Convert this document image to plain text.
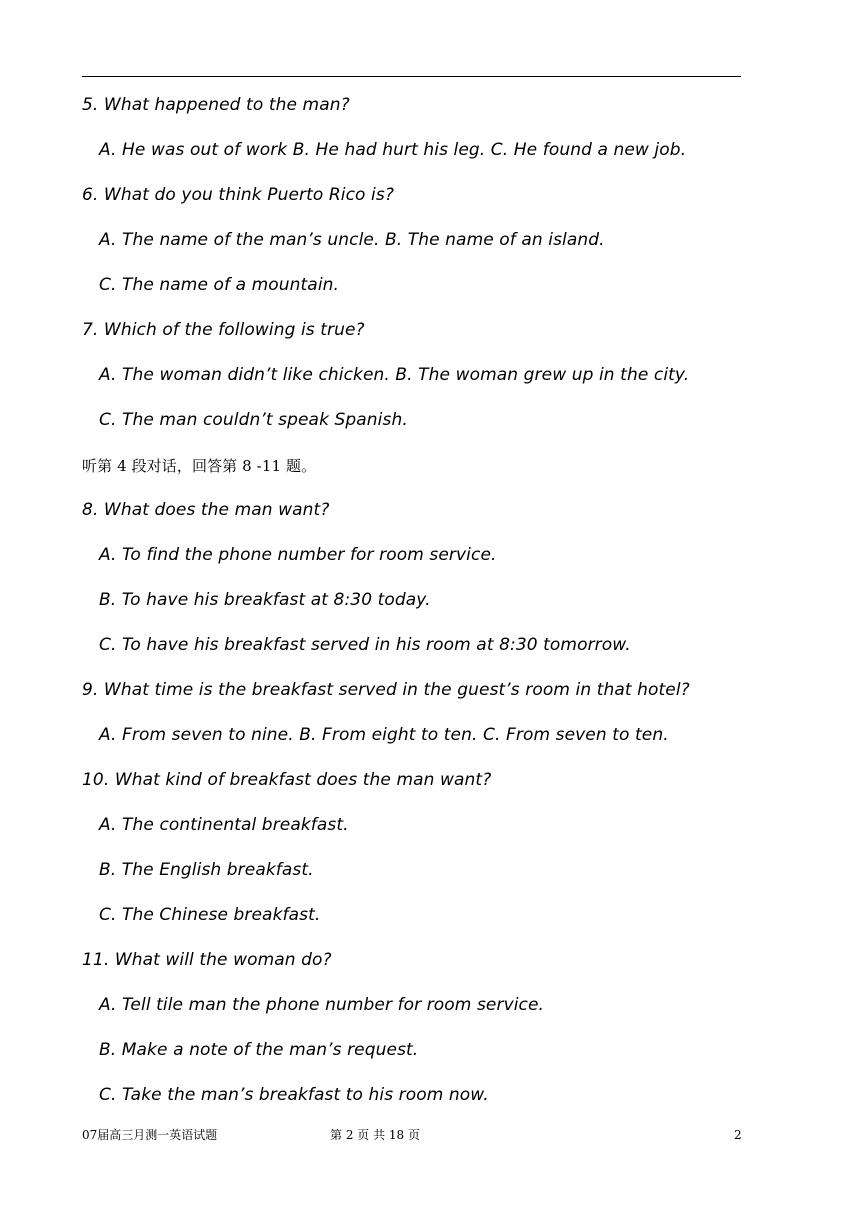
5. What happened to the man?
A. He was out of work B. He had hurt his leg. C. He found a new job.
6. What do you think Puerto Rico is?
A. The name of the man’s uncle. B. The name of an island.
C. The name of a mountain.
7. Which of the following is true?
A. The woman didn’t like chicken. B. The woman grew up in the city.
C. The man couldn’t speak Spanish.
听第 4 段对话，回答第 8 -11 题。
8. What does the man want?
A. To find the phone number for room service.
B. To have his breakfast at 8:30 today.
C. To have his breakfast served in his room at 8:30 tomorrow.
9. What time is the breakfast served in the guest’s room in that hotel?
A. From seven to nine. B. From eight to ten. C. From seven to ten.
10. What kind of breakfast does the man want?
A. The continental breakfast.
B. The English breakfast.
C. The Chinese breakfast.
11. What will the woman do?
A. Tell tile man the phone number for room service.
B. Make a note of the man’s request.
C. Take the man’s breakfast to his room now.
07届高三月测一英语试题	第 2 页 共 18 页	2
